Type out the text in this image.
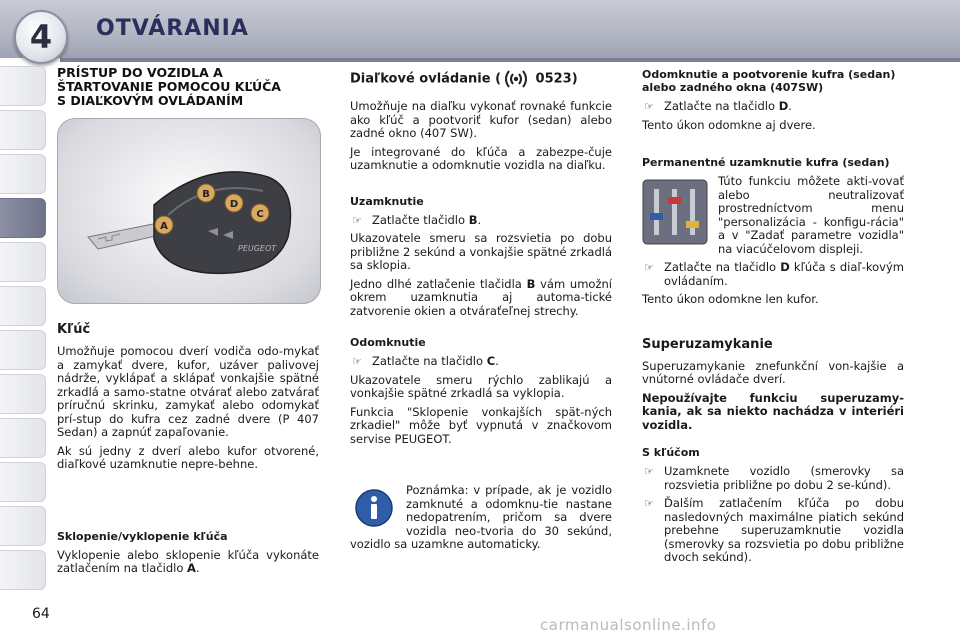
4	OTVÁRANIA
PRÍSTUP DO VOZIDLA A
ŠTARTOVANIE POMOCOU KĽÚČA
S DIAĽKOVÝM OVLÁDANÍM
B
D
C
A
PEUGEOT
Kľúč

Umožňuje pomocou dverí vodiča odo-mykať a zamykať dvere, kufor, uzáver palivovej nádrže, vyklápať a sklápať vonkajšie spätné zrkadlá a samo-statne otvárať alebo zatvárať príručnú skrinku, zamykať alebo odomykať prí-stup do kufra cez zadné dvere (P 407 Sedan) a zapnúť zapaľovanie.

Ak sú jedny z dverí alebo kufor otvorené, diaľkové uzamknutie nepre-behne.

Sklopenie/vyklopenie kľúča

Vyklopenie alebo sklopenie kľúča vykonáte zatlačením na tlačidlo A.

Diaľkové ovládanie ( 0523)

Umožňuje na diaľku vykonať rovnaké funkcie ako kľúč a pootvoriť kufor (sedan) alebo zadné okno (407 SW).

Je integrované do kľúča a zabezpe-čuje uzamknutie a odomknutie vozidla na diaľku.

Uzamknutie
☞ Zatlačte tlačidlo B.

Ukazovatele smeru sa rozsvietia po dobu približne 2 sekúnd a vonkajšie spätné zrkadlá sa sklopia.

Jedno dlhé zatlačenie tlačidla B vám umožní okrem uzamknutia aj automa-tické zatvorenie okien a otváraťeľnej strechy.

Odomknutie
☞ Zatlačte na tlačidlo C.

Ukazovatele smeru rýchlo zablikajú a vonkajšie spätné zrkadlá sa vyklopia.

Funkcia "Sklopenie vonkajších spät-ných zrkadiel" môže byť vypnutá v značkovom servise PEUGEOT.

Poznámka: v prípade, ak je vozidlo zamknuté a odomknu-tie nastane nedopatrením, pričom sa dvere vozidla neo-tvoria do 30 sekúnd, vozidlo sa uzamkne automaticky.

Odomknutie a pootvorenie kufra (sedan) alebo zadného okna (407SW)
☞ Zatlačte na tlačidlo D.

Tento úkon odomkne aj dvere.

Permanentné uzamknutie kufra (sedan)

Túto funkciu môžete akti-vovať alebo neutralizovať prostredníctvom menu "personalizácia - konfigu-rácia" a v "Zadať parametre vozidla" na viacúčelovom displeji.

☞ Zatlačte na tlačidlo D kľúča s diaľ-kovým ovládaním.

Tento úkon odomkne len kufor.

Superuzamykanie

Superuzamykanie znefunkční von-kajšie a vnútorné ovládače dverí.

Nepoužívajte funkciu superuzamy-kania, ak sa niekto nachádza v interiéri vozidla.

S kľúčom
☞ Uzamknete vozidlo (smerovky sa rozsvietia približne po dobu 2 se-kúnd).
☞ Ďalším zatlačením kľúča po dobu nasledovných maximálne piatich sekúnd prebehne superuzamknutie vozidla (smerovky sa rozsvietia po dobu približne dvoch sekúnd).
64
carmanualsonline.info
